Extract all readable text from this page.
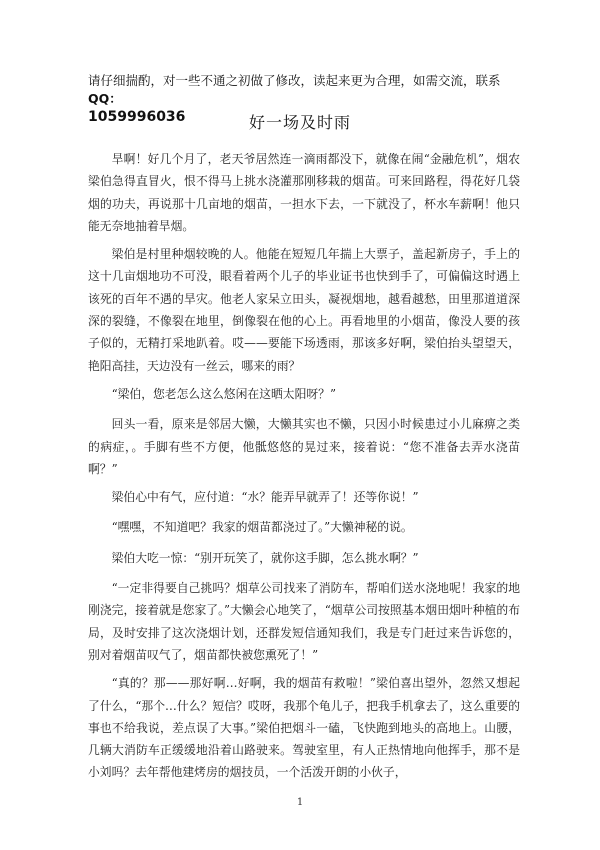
请仔细揣酌，对一些不通之初做了修改，读起来更为合理，如需交流，联系QQ：
1059996036	好一场及时雨

旱啊！好几个月了，老天爷居然连一滴雨都没下，就像在闹“金融危机”，烟农梁伯急得直冒火，恨不得马上挑水浇灌那刚移栽的烟苗。可来回路程，得花好几袋烟的功夫，再说那十几亩地的烟苗，一担水下去，一下就没了，杯水车薪啊！他只能无奈地抽着旱烟。

梁伯是村里种烟较晚的人。他能在短短几年揣上大票子，盖起新房子，手上的这十几亩烟地功不可没，眼看着两个儿子的毕业证书也快到手了，可偏偏这时遇上该死的百年不遇的旱灾。他老人家呆立田头，凝视烟地，越看越愁，田里那道道深深的裂缝，不像裂在地里，倒像裂在他的心上。再看地里的小烟苗，像没人要的孩子似的，无精打采地趴着。哎——要能下场透雨，那该多好啊，梁伯抬头望望天，艳阳高挂，天边没有一丝云，哪来的雨？

“梁伯，您老怎么这么悠闲在这晒太阳呀？”

回头一看，原来是邻居大懒，大懒其实也不懒，只因小时候患过小儿麻痹之类的病症，。手脚有些不方便，他骶悠悠的晃过来，接着说：“您不准备去弄水浇苗啊？”

梁伯心中有气，应付道：“水？能弄早就弄了！还等你说！”

“嘿嘿，不知道吧？我家的烟苗都浇过了。”大懒神秘的说。

梁伯大吃一惊：“别开玩笑了，就你这手脚，怎么挑水啊？”

“一定非得要自己挑吗？烟草公司找来了消防车，帮咱们送水浇地呢！我家的地刚浇完，接着就是您家了。”大懒会心地笑了，“烟草公司按照基本烟田烟叶种植的布局，及时安排了这次浇烟计划，还群发短信通知我们，我是专门赶过来告诉您的，别对着烟苗叹气了，烟苗都快被您熏死了！”

“真的？那——那好啊…好啊，我的烟苗有救啦！”梁伯喜出望外，忽然又想起了什么，“那个…什么？短信？哎呀，我那个龟儿子，把我手机拿去了，这么重要的事也不给我说，差点误了大事。”梁伯把烟斗一磕，飞快跑到地头的高地上。山腰，几辆大消防车正缓缓地沿着山路驶来。驾驶室里，有人正热情地向他挥手，那不是小刘吗？去年帮他建烤房的烟技员，一个活泼开朗的小伙子，

1
